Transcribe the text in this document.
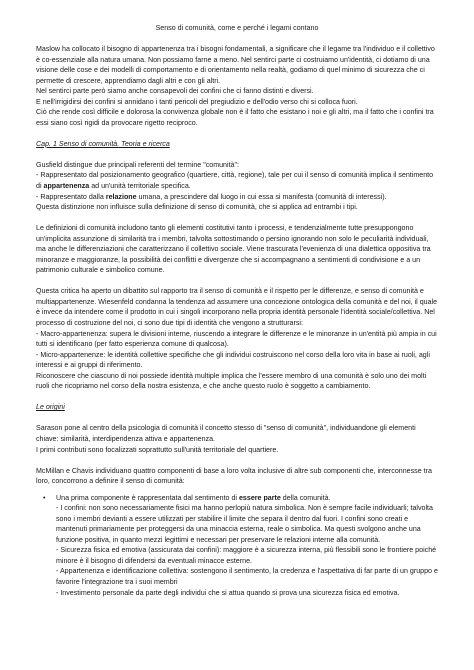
Senso di comunità, come e perché i legami contano

Maslow ha collocato il bisogno di appartenenza tra i bisogni fondamentali, a significare che il legame tra l'individuo e il collettivo è co-essenziale alla natura umana. Non possiamo farne a meno. Nel sentirci parte ci costruiamo un'identità, ci dotiamo di una visione delle cose e dei modelli di comportamento e di orientamento nella realtà, godiamo di quel minimo di sicurezza che ci permette di crescere, apprendiamo dagli altri e con gli altri.

Nel sentirci parte però siamo anche consapevoli dei confini che ci fanno distinti e diversi.

E nell'irrigidirsi dei confini si annidano i tanti pericoli del pregiudizio e dell'odio verso chi si colloca fuori.

Ciò che rende così difficile e dolorosa la convivenza globale non è il fatto che esistano i noi e gli altri, ma il fatto che i confini tra essi siano così rigidi da provocare rigetto reciproco.

Cap. 1 Senso di comunità. Teoria e ricerca

Gusfield distingue due principali referenti del termine "comunità":

- Rappresentato dal posizionamento geografico (quartiere, città, regione), tale per cui il senso di comunità implica il sentimento di appartenenza ad un'unità territoriale specifica.

- Rappresentato dalla relazione umana, a prescindere dal luogo in cui essa si manifesta (comunità di interessi).

Questa distinzione non influisce sulla definizione di senso di comunità, che si applica ad entrambi i tipi.

Le definizioni di comunità includono tanto gli elementi costitutivi tanto i processi, e tendenzialmente tutte presuppongono un'implicita assunzione di similarità tra i membri, talvolta sottostimando o persino ignorando non solo le peculiarità individuali, ma anche le differenziazioni che caratterizzano il collettivo sociale. Viene trascurata l'evenienza di una dialettica oppositiva tra minoranze e maggioranze, la possibilità dei conflitti e divergenze che si accompagnano a sentimenti di condivisione e a un patrimonio culturale e simbolico comune.

Questa critica ha aperto un dibattito sul rapporto tra il senso di comunità e il rispetto per le differenze, e senso di comunità e multiappartenenze. Wiesenfeld condanna la tendenza ad assumere una concezione ontologica della comunità e del noi, il quale è invece da intendere come il prodotto in cui i singoli incorporano nella propria identità personale l'identità sociale/collettiva. Nel processo di costruzione del noi, ci sono due tipi di identità che vengono a strutturarsi:

- Macro-appartenenza: supera le divisioni interne, riuscendo a integrare le differenze e le minoranze in un'entità più ampia in cui tutti si identificano (per fatto esperienza comune di qualcosa).

- Micro-appartenenze: le identità collettive specifiche che gli individui costruiscono nel corso della loro vita in base ai ruoli, agli interessi e ai gruppi di riferimento.

Riconoscere che ciascuno di noi possiede identità multiple implica che l'essere membro di una comunità è solo uno dei molti ruoli che ricopriamo nel corso della nostra esistenza, e che anche questo ruolo è soggetto a cambiamento.

Le origini

Sarason pone al centro della psicologia di comunità il concetto stesso di "senso di comunità", individuandone gli elementi chiave: similarità, interdipendenza attiva e appartenenza.

I primi contributi sono focalizzati soprattutto sull'unità territoriale del quartiere.

McMillan e Chavis individuano quattro componenti di base a loro volta inclusive di altre sub componenti che, interconnesse tra loro, concorrono a definire il senso di comunità:

• Una prima componente è rappresentata dal sentimento di essere parte della comunità.
- I confini: non sono necessariamente fisici ma hanno perlopiù natura simbolica. Non è sempre facile individuarli; talvolta sono i membri devianti a essere utilizzati per stabilire il limite che separa il dentro dal fuori. I confini sono creati e mantenuti primariamente per proteggersi da una minaccia esterna, reale o simbolica. Ma questi svolgono anche una funzione positiva, in quanto mezzi legittimi e necessari per preservare le relazioni interne alla comunità.
- Sicurezza fisica ed emotiva (assicurata dai confini): maggiore è a sicurezza interna, più flessibili sono le frontiere poiché minore è il bisogno di difendersi da eventuali minacce esterne.
- Appartenenza e identificazione collettiva: sostengono il sentimento, la credenza e l'aspettativa di far parte di un gruppo e favorire l'integrazione tra i suoi membri
- Investimento personale da parte degli individui che si attua quando si prova una sicurezza fisica ed emotiva.
